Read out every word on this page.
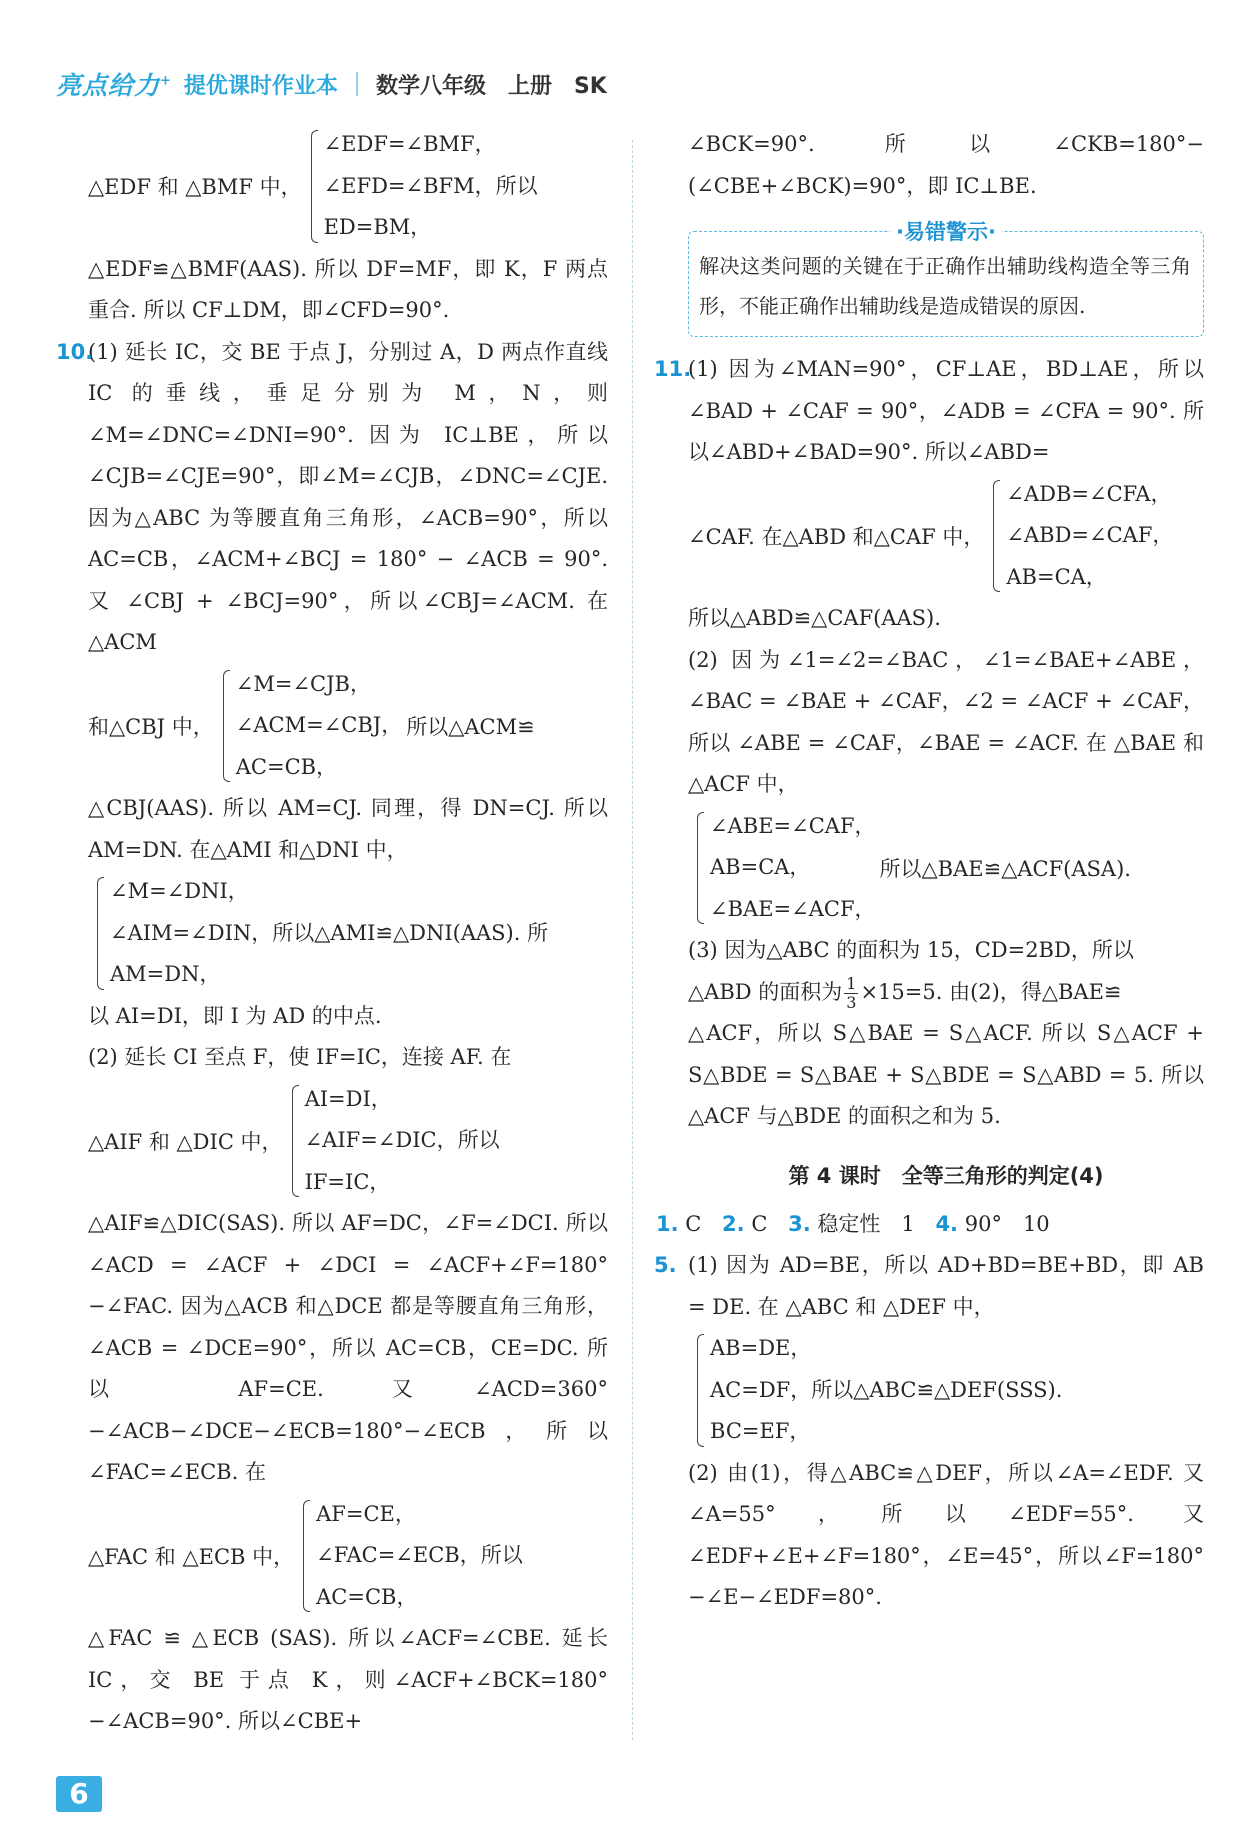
亮点给力+ 提优课时作业本 数学八年级　上册　SK
△EDF 和 △BMF 中，
∠EDF=∠BMF，
∠EFD=∠BFM，所以
ED=BM，

△EDF≌△BMF(AAS). 所以 DF=MF，即 K，F 两点重合. 所以 CF⊥DM，即∠CFD=90°.

10.

(1) 延长 IC，交 BE 于点 J，分别过 A，D 两点作直线 IC 的垂线，垂足分别为 M，N，则∠M=∠DNC=∠DNI=90°. 因为 IC⊥BE，所以∠CJB=∠CJE=90°，即∠M=∠CJB，∠DNC=∠CJE. 因为△ABC 为等腰直角三角形，∠ACB=90°，所以 AC=CB，∠ACM+∠BCJ = 180° − ∠ACB = 90°. 又 ∠CBJ + ∠BCJ=90°，所以∠CBJ=∠ACM. 在△ACM

和△CBJ 中，
∠M=∠CJB，
∠ACM=∠CBJ，
AC=CB，
所以△ACM≌

△CBJ(AAS). 所以 AM=CJ. 同理，得 DN=CJ. 所以 AM=DN. 在△AMI 和△DNI 中，

∠M=∠DNI，
∠AIM=∠DIN，所以△AMI≌△DNI(AAS). 所
AM=DN，

以 AI=DI，即 I 为 AD 的中点.

(2) 延长 CI 至点 F，使 IF=IC，连接 AF. 在

△AIF 和 △DIC 中，
AI=DI，
∠AIF=∠DIC，所以
IF=IC，

△AIF≌△DIC(SAS). 所以 AF=DC，∠F=∠DCI. 所以 ∠ACD = ∠ACF + ∠DCI = ∠ACF+∠F=180°−∠FAC. 因为△ACB 和△DCE 都是等腰直角三角形，∠ACB = ∠DCE=90°，所以 AC=CB，CE=DC. 所以 AF=CE. 又∠ACD=360°−∠ACB−∠DCE−∠ECB=180°−∠ECB，所以∠FAC=∠ECB. 在

△FAC 和 △ECB 中，
AF=CE，
∠FAC=∠ECB，所以
AC=CB，

△FAC ≌ △ECB (SAS). 所以∠ACF=∠CBE. 延长 IC，交 BE 于点 K，则∠ACF+∠BCK=180°−∠ACB=90°. 所以∠CBE+

∠BCK=90°. 所以∠CKB=180°−(∠CBE+∠BCK)=90°，即 IC⊥BE.

·易错警示·

解决这类问题的关键在于正确作出辅助线构造全等三角形，不能正确作出辅助线是造成错误的原因.

11.

(1) 因为∠MAN=90°，CF⊥AE，BD⊥AE，所以∠BAD + ∠CAF = 90°，∠ADB = ∠CFA = 90°. 所以∠ABD+∠BAD=90°. 所以∠ABD=

∠CAF. 在△ABD 和△CAF 中，
∠ADB=∠CFA，
∠ABD=∠CAF，
AB=CA，

所以△ABD≌△CAF(AAS).

(2) 因为∠1=∠2=∠BAC，∠1=∠BAE+∠ABE，∠BAC = ∠BAE + ∠CAF，∠2 = ∠ACF + ∠CAF，所以 ∠ABE = ∠CAF，∠BAE = ∠ACF. 在 △BAE 和 △ACF 中，

∠ABE=∠CAF，
AB=CA，
∠BAE=∠ACF，
所以△BAE≌△ACF(ASA).

(3) 因为△ABC 的面积为 15，CD=2BD，所以

△ABD 的面积为 $\frac{1}{3} \times 15=5$. 由(2)，得△BAE≌

△ACF，所以 S△BAE = S△ACF. 所以 S△ACF + S△BDE = S△BAE + S△BDE = S△ABD = 5. 所以△ACF 与△BDE 的面积之和为 5.

第 4 课时　全等三角形的判定(4)
1. C 2. C 3. 稳定性　1 4. 90°　10
5. (1) 因为 AD=BE，所以 AD+BD=BE+BD，即 AB = DE. 在 △ABC 和 △DEF 中，

AB=DE，
AC=DF，所以△ABC≌△DEF(SSS).
BC=EF，

(2) 由(1)，得△ABC≌△DEF，所以∠A=∠EDF. 又∠A=55°，所以∠EDF=55°. 又∠EDF+∠E+∠F=180°，∠E=45°，所以∠F=180°−∠E−∠EDF=80°.

6
